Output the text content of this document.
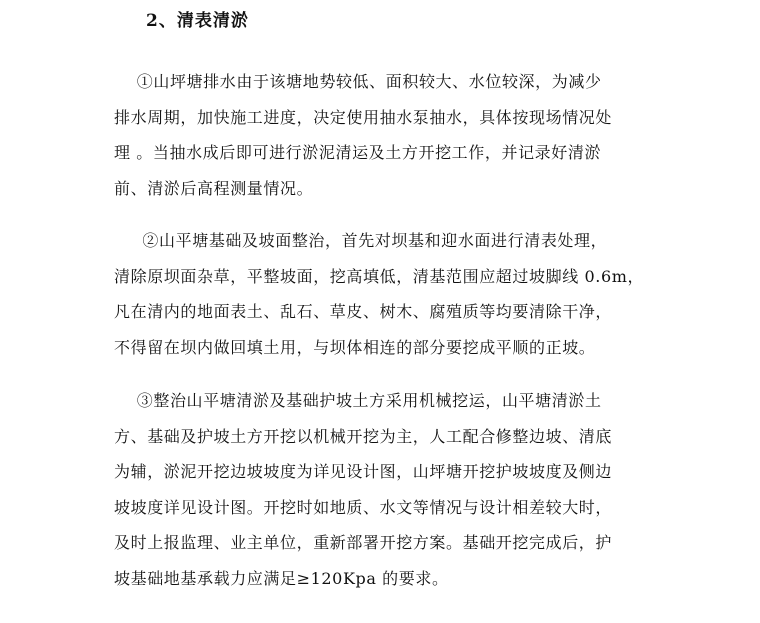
2、清表清淤
①山坪塘排水由于该塘地势较低、面积较大、水位较深，为减少
排水周期，加快施工进度，决定使用抽水泵抽水，具体按现场情况处
理 。当抽水成后即可进行淤泥清运及土方开挖工作，并记录好清淤
前、清淤后高程测量情况。
②山平塘基础及坡面整治，首先对坝基和迎水面进行清表处理，
清除原坝面杂草，平整坡面，挖高填低，清基范围应超过坡脚线 0.6m，
凡在清内的地面表土、乱石、草皮、树木、腐殖质等均要清除干净，
不得留在坝内做回填土用，与坝体相连的部分要挖成平顺的正坡。
③整治山平塘清淤及基础护坡土方采用机械挖运，山平塘清淤土
方、基础及护坡土方开挖以机械开挖为主，人工配合修整边坡、清底
为辅，淤泥开挖边坡坡度为详见设计图，山坪塘开挖护坡坡度及侧边
坡坡度详见设计图。开挖时如地质、水文等情况与设计相差较大时，
及时上报监理、业主单位，重新部署开挖方案。基础开挖完成后，护
坡基础地基承载力应满足≥120Kpa 的要求。
